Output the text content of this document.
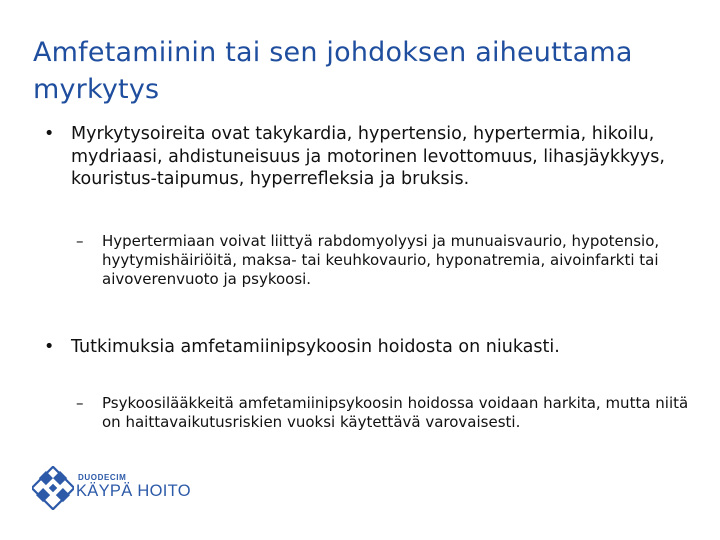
Amfetamiinin tai sen johdoksen aiheuttama myrkytys
• Myrkytysoireita ovat takykardia, hypertensio, hypertermia, hikoilu, mydriaasi, ahdistuneisuus ja motorinen levottomuus, lihasjäykkyys, kouristus-taipumus, hyperrefleksia ja bruksis.
–	Hypertermiaan voivat liittyä rabdomyolyysi ja munuaisvaurio, hypotensio, hyytymishäiriöitä, maksa- tai keuhkovaurio, hyponatremia, aivoinfarkti tai aivoverenvuoto ja psykoosi.
• Tutkimuksia amfetamiinipsykoosin hoidosta on niukasti.
–	Psykoosilääkkeitä amfetamiinipsykoosin hoidossa voidaan harkita, mutta niitä on haittavaikutusriskien vuoksi käytettävä varovaisesti.
DUODECIM
KÄYPÄ HOITO
